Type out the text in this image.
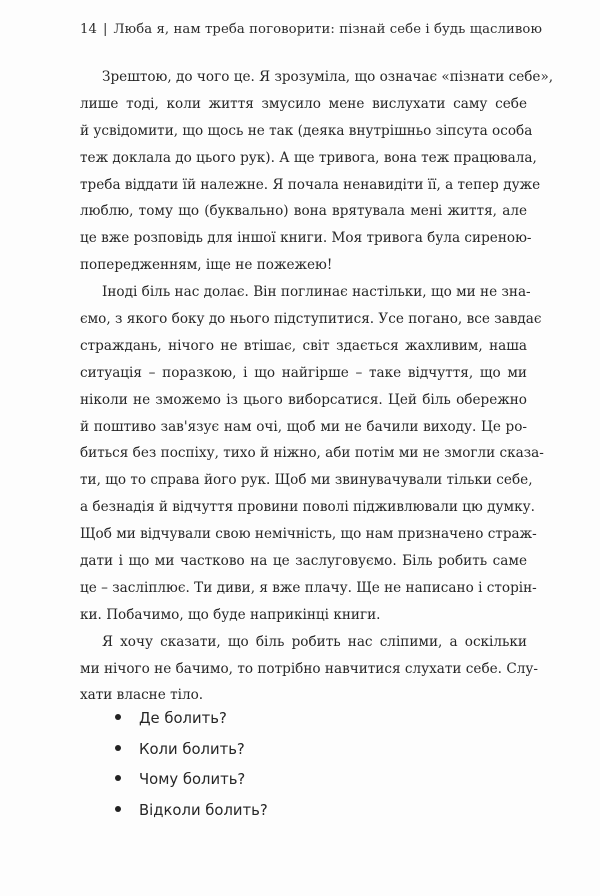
14 | Люба я, нам треба поговорити: пізнай себе і будь щасливою
Зрештою, до чого це. Я зрозуміла, що означає «пізнати себе»,
лише тоді, коли життя змусило мене вислухати саму себе
й усвідомити, що щось не так (деяка внутрішньо зіпсута особа
теж доклала до цього рук). А ще тривога, вона теж працювала,
треба віддати їй належне. Я почала ненавидіти її, а тепер дуже
люблю, тому що (буквально) вона врятувала мені життя, але
це вже розповідь для іншої книги. Моя тривога була сиреною-
попередженням, іще не пожежею!
Іноді біль нас долає. Він поглинає настільки, що ми не зна-
ємо, з якого боку до нього підступитися. Усе погано, все завдає
страждань, нічого не втішає, світ здається жахливим, наша
ситуація – поразкою, і що найгірше – таке відчуття, що ми
ніколи не зможемо із цього виборсатися. Цей біль обережно
й поштиво зав'язує нам очі, щоб ми не бачили виходу. Це ро-
биться без поспіху, тихо й ніжно, аби потім ми не змогли сказа-
ти, що то справа його рук. Щоб ми звинувачували тільки себе,
а безнадія й відчуття провини поволі підживлювали цю думку.
Щоб ми відчували свою немічність, що нам призначено страж-
дати і що ми частково на це заслуговуємо. Біль робить саме
це – засліплює. Ти диви, я вже плачу. Ще не написано і сторін-
ки. Побачимо, що буде наприкінці книги.
Я хочу сказати, що біль робить нас сліпими, а оскільки
ми нічого не бачимо, то потрібно навчитися слухати себе. Слу-
хати власне тіло.
Де болить?
Коли болить?
Чому болить?
Відколи болить?
